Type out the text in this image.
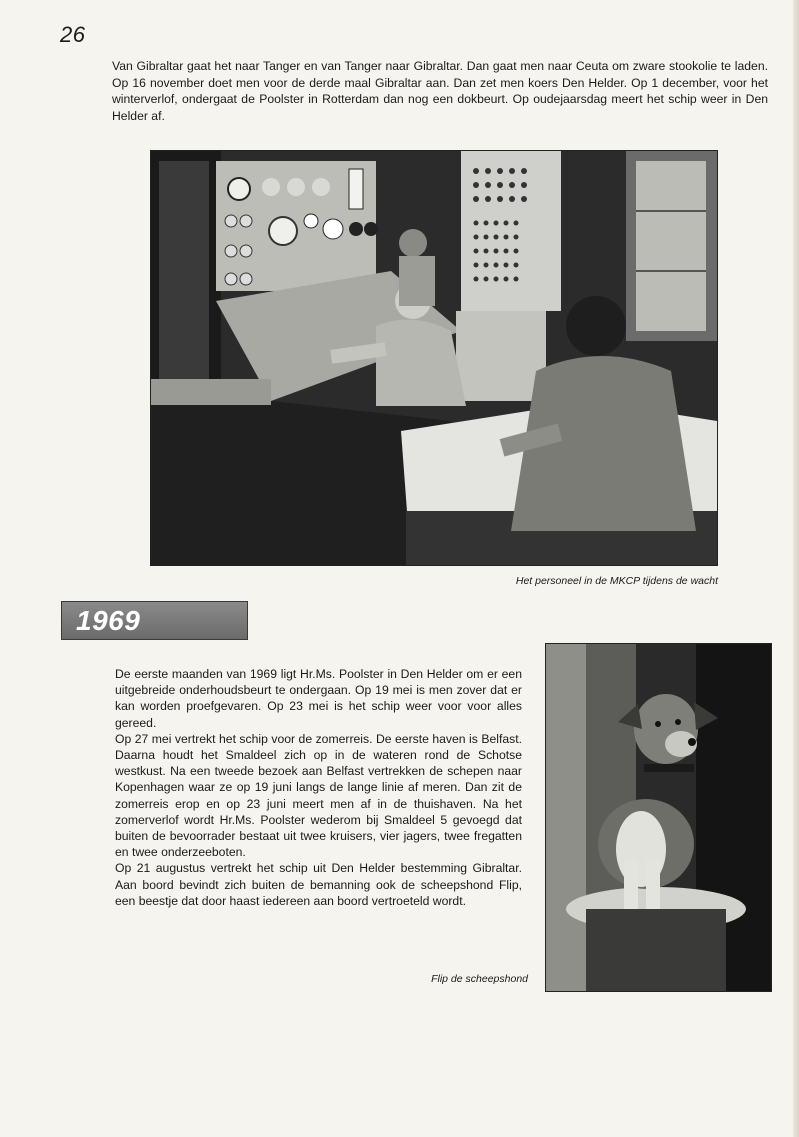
26

Van Gibraltar gaat het naar Tanger en van Tanger naar Gibraltar. Dan gaat men naar Ceuta om zware stookolie te laden. Op 16 november doet men voor de derde maal Gibraltar aan. Dan zet men koers Den Helder. Op 1 december, voor het winterverlof, ondergaat de Poolster in Rotterdam dan nog een dokbeurt. Op oudejaarsdag meert het schip weer in Den Helder af.

Het personeel in de MKCP tijdens de wacht

1969

De eerste maanden van 1969 ligt Hr.Ms. Poolster in Den Helder om er een uitgebreide onderhoudsbeurt te ondergaan. Op 19 mei is men zover dat er kan worden proefgevaren. Op 23 mei is het schip weer voor voor alles gereed.

Op 27 mei vertrekt het schip voor de zomerreis. De eerste haven is Belfast. Daarna houdt het Smaldeel zich op in de wateren rond de Schotse westkust. Na een tweede bezoek aan Belfast vertrekken de schepen naar Kopenhagen waar ze op 19 juni langs de lange linie af meren. Dan zit de zomerreis erop en op 23 juni meert men af in de thuishaven. Na het zomerverlof wordt Hr.Ms. Poolster wederom bij Smaldeel 5 gevoegd dat buiten de bevoorrader bestaat uit twee kruisers, vier jagers, twee fregatten en twee onderzeeboten.

Op 21 augustus vertrekt het schip uit Den Helder bestemming Gibraltar. Aan boord bevindt zich buiten de bemanning ook de scheepshond Flip, een beestje dat door haast iedereen aan boord vertroeteld wordt.

Flip de scheepshond
